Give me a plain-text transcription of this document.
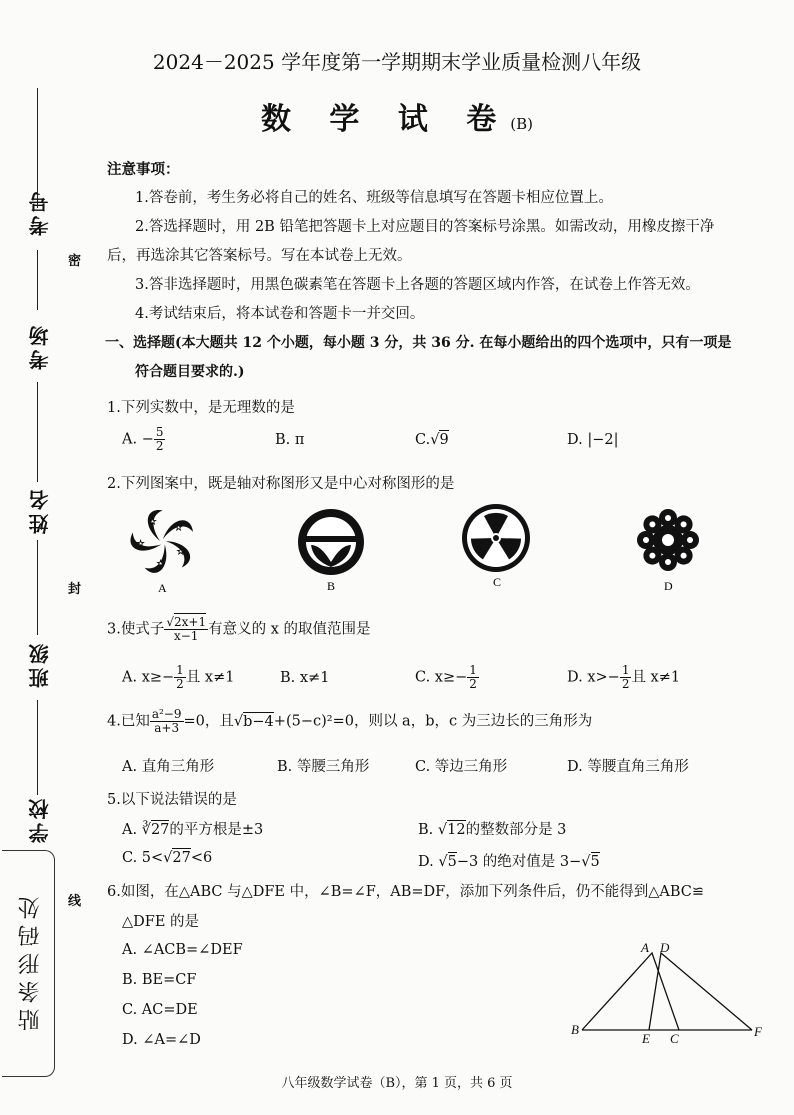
考号
考场
姓名
班级
学校
密
封
线
贴条形码处
2024－2025 学年度第一学期期末学业质量检测八年级
数 学 试 卷(B)
注意事项：
1.答卷前，考生务必将自己的姓名、班级等信息填写在答题卡相应位置上。
2.答选择题时，用 2B 铅笔把答题卡上对应题目的答案标号涂黑。如需改动，用橡皮擦干净
后，再选涂其它答案标号。写在本试卷上无效。
3.答非选择题时，用黑色碳素笔在答题卡上各题的答题区域内作答，在试卷上作答无效。
4.考试结束后，将本试卷和答题卡一并交回。
一、选择题(本大题共 12 个小题，每小题 3 分，共 36 分. 在每小题给出的四个选项中，只有一项是
符合题目要求的.)
1.下列实数中，是无理数的是
A. − $\frac{5}{2}$	B. π	C.√9	D. |−2|
2.下列图案中，既是轴对称图形又是中心对称图形的是
★
★
★
★
★
A	B	C	D
3.使式子 $\frac{√2x+1}{x-1}$ 有意义的 x 的取值范围是
A. $x\ge- \frac{1}{2}$ 且 x≠1	B. x≠1	C. $x\ge- \frac{1}{2}$	D. $x>- \frac{1}{2}$ 且 x≠1
4.已知 $\frac{\text{a²−9}}{a+3} =0$，且√b−4+(5−c)²=0，则以 a，b，c 为三边长的三角形为
A. 直角三角形	B. 等腰三角形	C. 等边三角形	D. 等腰直角三角形
5.以下说法错误的是
A. ∛27的平方根是±3	B. √12的整数部分是 3
C. 5<√27<6	D. √5−3 的绝对值是 3−√5
6.如图，在△ABC 与△DFE 中，∠B=∠F，AB=DF，添加下列条件后，仍不能得到△ABC≌
△DFE 的是
A. ∠ACB=∠DEF
B. BE=CF
C. AC=DE
D. ∠A=∠D
A D
B
E C	F
八年级数学试卷（B），第 1 页，共 6 页
